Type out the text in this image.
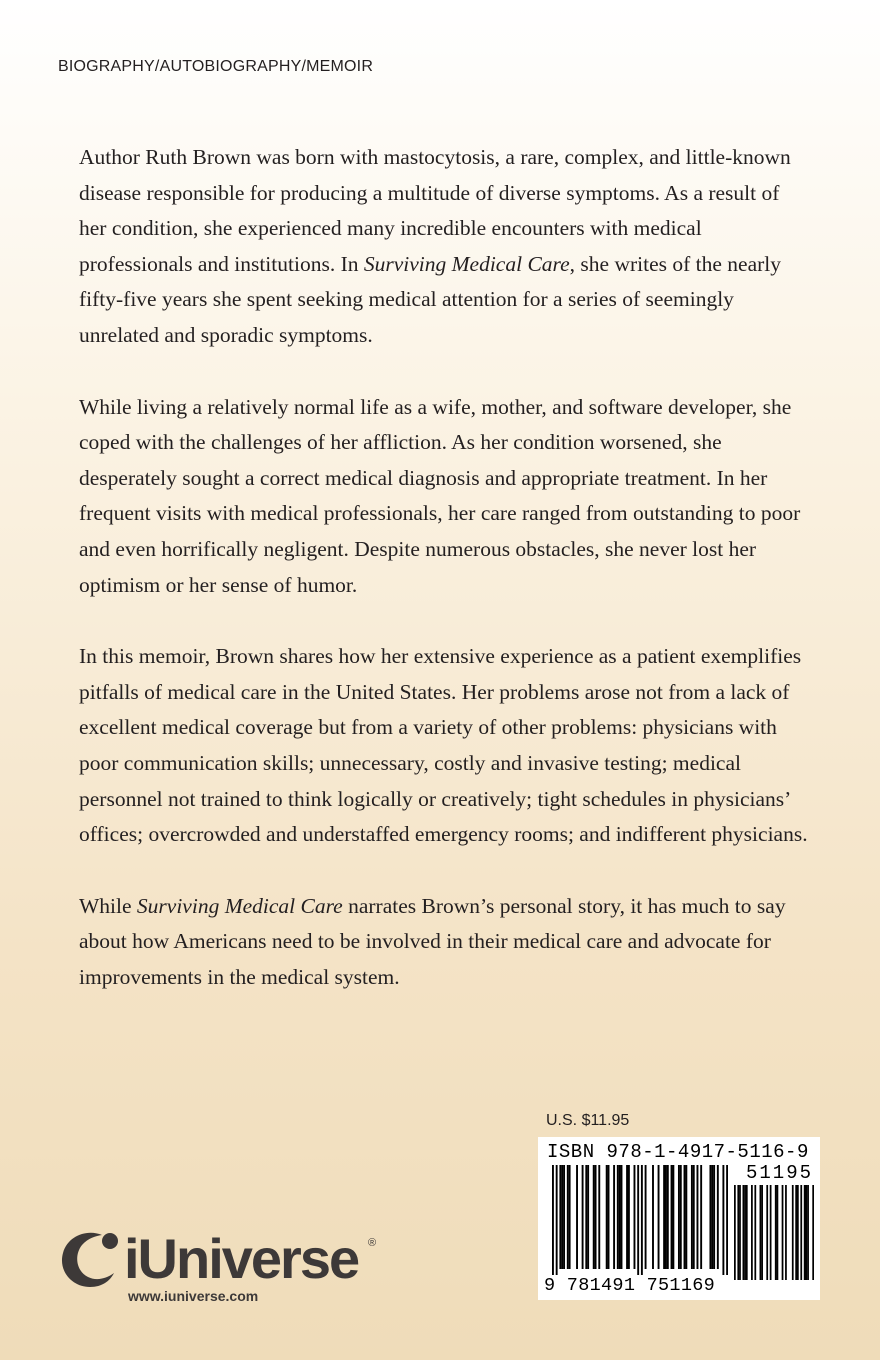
BIOGRAPHY/AUTOBIOGRAPHY/MEMOIR

Author Ruth Brown was born with mastocytosis, a rare, complex, and little-known disease responsible for producing a multitude of diverse symptoms. As a result of her condition, she experienced many incredible encounters with medical professionals and institutions. In Surviving Medical Care, she writes of the nearly fifty-five years she spent seeking medical attention for a series of seemingly unrelated and sporadic symptoms.

While living a relatively normal life as a wife, mother, and software developer, she coped with the challenges of her affliction. As her condition worsened, she desperately sought a correct medical diagnosis and appropriate treatment. In her frequent visits with medical professionals, her care ranged from outstanding to poor and even horrifically negligent. Despite numerous obstacles, she never lost her optimism or her sense of humor.

In this memoir, Brown shares how her extensive experience as a patient exemplifies pitfalls of medical care in the United States. Her problems arose not from a lack of excellent medical coverage but from a variety of other problems: physicians with poor communication skills; unnecessary, costly and invasive testing; medical personnel not trained to think logically or creatively; tight schedules in physicians’ offices; overcrowded and understaffed emergency rooms; and indifferent physicians.

While Surviving Medical Care narrates Brown’s personal story, it has much to say about how Americans need to be involved in their medical care and advocate for improvements in the medical system.

U.S. $11.95
ISBN 978-1-4917-5116-9
51195
9 781491 751169
iUniverse ®
www.iuniverse.com
